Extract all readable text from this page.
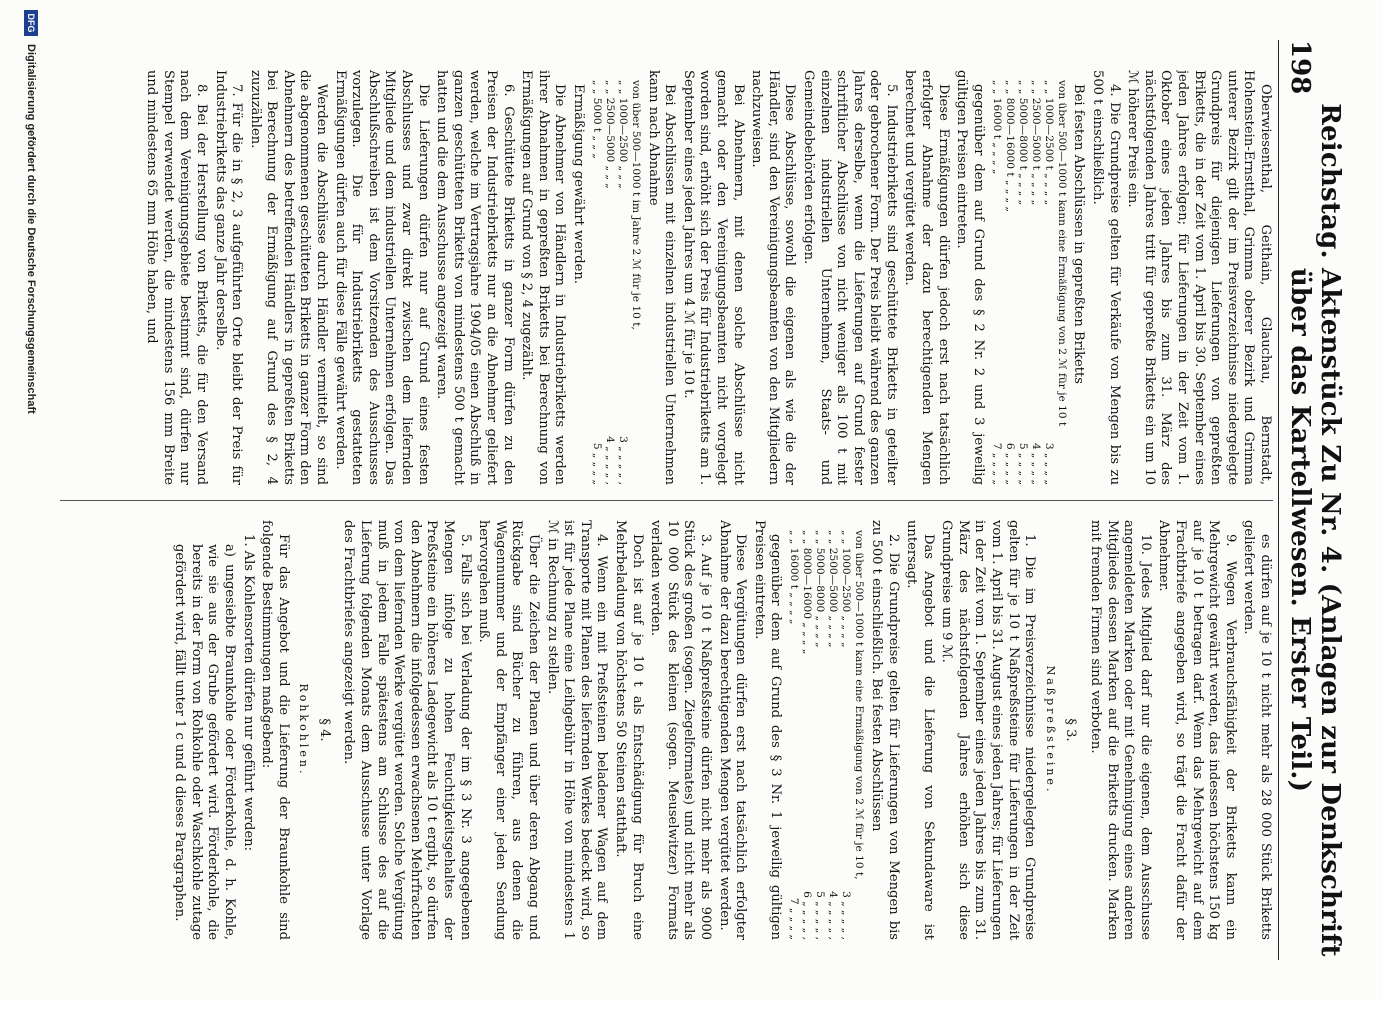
198
Reichstag. Aktenstück Zu Nr. 4. (Anlagen zur Denkschrift über das Kartellwesen. Erster Teil.)

Oberwiesenthal, Geithain, Glauchau, Bernstadt, Hohenstein-Ernstthal, Grimma oberer Bezirk und Grimma unterer Bezirk gilt der im Preisverzeichnisse niedergelegte Grundpreis für diejenigen Lieferungen von gepreßten Briketts, die in der Zeit vom 1. April bis 30. September eines jeden Jahres erfolgen; für Lieferungen in der Zeit vom 1. Oktober eines jeden Jahres bis zum 31. März des nächstfolgenden Jahres tritt für gepreßte Briketts ein um 10 ℳ höherer Preis ein.

4. Die Grundpreise gelten für Verkäufe von Mengen bis zu 500 t einschließlich.

Bei festen Abschlüssen in gepreßten Briketts

von über 500—1000 t kann eine Ermäßigung von 2 ℳ für je 10 t
„ „ 1000—2500 t „ „ „ „
3 „ „ „ „
„ „ 2500—5000 t „ „ „ „
4 „ „ „ „
„ „ 5000—8000 t „ „ „ „
5 „ „ „ „
„ „ 8000—16000 t „ „ „ „
6 „ „ „ „
„ „ 16000 t „ „ „ „
7 „ „ „ „

gegenüber dem auf Grund des § 2 Nr. 2 und 3 jeweilig gültigen Preisen eintreten.

Diese Ermäßigungen dürfen jedoch erst nach tatsächlich erfolgter Abnahme der dazu berechtigenden Mengen berechnet und vergütet werden.

5. Industriebriketts sind geschüttete Briketts in geteilter oder gebrochener Form. Der Preis bleibt während des ganzen Jahres derselbe, wenn die Lieferungen auf Grund fester schriftlicher Abschlüsse von nicht weniger als 100 t mit einzelnen industriellen Unternehmen, Staats- und Gemeindebehörden erfolgen.

Diese Abschlüsse, sowohl die eigenen als wie die der Händler, sind den Vereinigungsbeamten von den Mitgliedern nachzuweisen.

Bei Abnehmern, mit denen solche Abschlüsse nicht gemacht oder den Vereinigungsbeamten nicht vorgelegt worden sind, erhöht sich der Preis für Industriebriketts am 1. September eines jeden Jahres um 4 ℳ für je 10 t.

Bei Abschlüssen mit einzelnen industriellen Unternehmen kann nach Abnahme

von über 500—1000 t im Jahre 2 ℳ für je 10 t,
„ „ 1000—2500 „ „ „
3 „ „ „ „ ,
„ „ 2500—5000 „ „ „
4 „ „ „ „ ,
„ „ 5000 t „ „ „
5 „ „ „ „

Ermäßigung gewährt werden.

Die Abnehmer von Händlern in Industriebriketts werden ihrer Abnahmen in gepreßten Briketts bei Berechnung von Ermäßigungen auf Grund von § 2, 4 zugezählt.

6. Geschüttete Briketts in ganzer Form dürfen zu den Preisen der Industriebriketts nur an die Abnehmer geliefert werden, welche im Vertragsjahre 1904/05 einen Abschluß in ganzen geschütteten Briketts von mindestens 500 t gemacht hatten und die dem Ausschusse angezeigt waren.

Die Lieferungen dürfen nur auf Grund eines festen Abschlusses und zwar direkt zwischen dem liefernden Mitgliede und dem industriellen Unternehmen erfolgen. Das Abschlußschreiben ist dem Vorsitzenden des Ausschusses vorzulegen. Die für Industriebriketts gestatteten Ermäßigungen dürfen auch für diese Fälle gewährt werden.

Werden die Abschlüsse durch Händler vermittelt, so sind die abgenommenen geschütteten Briketts in ganzer Form den Abnehmern des betreffenden Händlers in gepreßten Briketts bei Berechnung der Ermäßigung auf Grund des § 2, 4 zuzuzählen.

7. Für die in § 2, 3 aufgeführten Orte bleibt der Preis für Industriebriketts das ganze Jahr derselbe.

8. Bei der Herstellung von Briketts, die für den Versand nach dem Vereinigungsgebiete bestimmt sind, dürfen nur Stempel verwendet werden, die mindestens 156 mm Breite und mindestens 65 mm Höhe haben, und

es dürfen auf je 10 t nicht mehr als 28 000 Stück Briketts geliefert werden.

9. Wegen Verbrauchsfähigkeit der Briketts kann ein Mehrgewicht gewährt werden, das indessen höchstens 150 kg auf je 10 t betragen darf. Wenn das Mehrgewicht auf dem Frachtbriefe angegeben wird, so trägt die Fracht dafür der Abnehmer.

10. Jedes Mitglied darf nur die eigenen, dem Ausschusse angemeldeten Marken oder mit Genehmigung eines anderen Mitgliedes dessen Marken auf die Briketts drucken. Marken mit fremden Firmen sind verboten.

§ 3.

Naßpreßsteine.

1. Die im Preisverzeichnisse niedergelegten Grundpreise gelten für je 10 t Naßpreßsteine für Lieferungen in der Zeit vom 1. April bis 31. August eines jeden Jahres; für Lieferungen in der Zeit vom 1. September eines jeden Jahres bis zum 31. März des nächstfolgenden Jahres erhöhen sich diese Grundpreise um 9 ℳ.

Das Angebot und die Lieferung von Sekundaware ist untersagt.

2. Die Grundpreise gelten für Lieferungen von Mengen bis zu 500 t einschließlich. Bei festen Abschlüssen

von über 500—1000 t kann eine Ermäßigung von 2 ℳ für je 10 t,
„ „ 1000—2500 „ „ „ „
3 „ „ „ „ ,
„ „ 2500—5000 „ „ „ „
4 „ „ „ „ ,
„ „ 5000—8000 „ „ „ „
5 „ „ „ „ ,
„ „ 8000—16000 „ „ „ „
6 „ „ „ „ ,
„ „ 16000 t „ „ „ „
7 „ „ „ „

gegenüber dem auf Grund des § 3 Nr. 1 jeweilig gültigen Preisen eintreten.

Diese Vergütungen dürfen erst nach tatsächlich erfolgter Abnahme der dazu berechtigenden Mengen vergütet werden.

3. Auf je 10 t Naßpreßsteine dürfen nicht mehr als 9000 Stück des großen (sogen. Ziegelformates) und nicht mehr als 10 000 Stück des kleinen (sogen. Meuselwitzer) Formats verladen werden.

Doch ist auf je 10 t als Entschädigung für Bruch eine Mehrbeladung von höchstens 50 Steinen statthaft.

4. Wenn ein mit Preßsteinen beladener Wagen auf dem Transporte mit Planen des liefernden Werkes bedeckt wird, so ist für jede Plane eine Leihgebühr in Höhe von mindestens 1 ℳ in Rechnung zu stellen.

Über die Zeichen der Planen und über deren Abgang und Rückgabe sind Bücher zu führen, aus denen die Wagennummer und der Empfänger einer jeden Sendung hervorgehen muß.

5. Falls sich bei Verladung der im § 3 Nr. 3 angegebenen Mengen infolge zu hohen Feuchtigkeitsgehaltes der Preßsteine ein höheres Ladegewicht als 10 t ergibt, so dürfen den Abnehmern die infolgedessen erwachsenen Mehrfrachten von dem liefernden Werke vergütet werden. Solche Vergütung muß in jedem Falle spätestens am Schlusse des auf die Lieferung folgenden Monats dem Ausschusse unter Vorlage des Frachtbriefes angezeigt werden.

§ 4.

Rohkohlen.

Für das Angebot und die Lieferung der Braunkohle sind folgende Bestimmungen maßgebend:

1. Als Kohlensorten dürfen nur geführt werden:

a) ungesiebte Braunkohle oder Förderkohle, d. h. Kohle, wie sie aus der Grube gefördert wird. Förderkohle, die bereits in der Form von Rohkohle oder Waschkohle zutage gefördert wird, fällt unter 1 c und d dieses Paragraphen.

DFG
Digitalisierung gefördert durch die Deutsche Forschungsgemeinschaft
